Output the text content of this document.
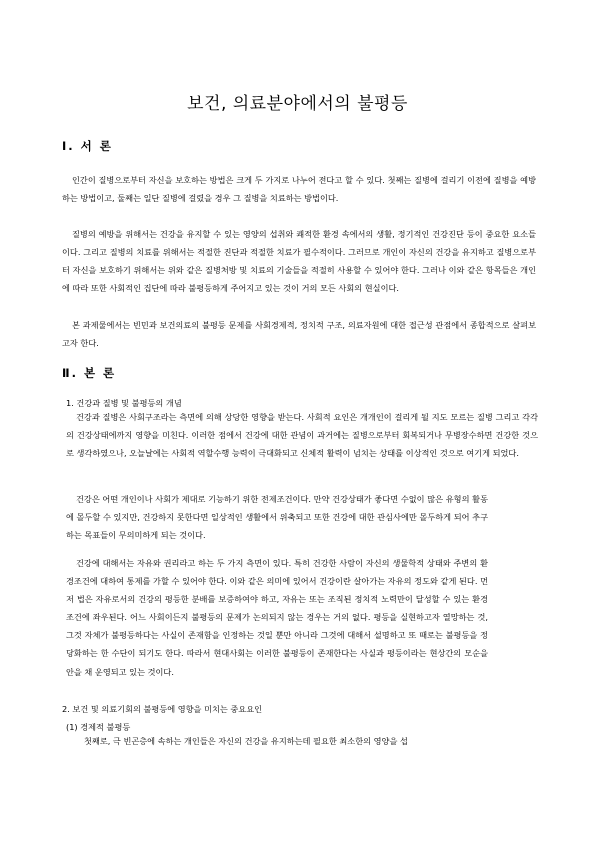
보건, 의료분야에서의 불평등
Ⅰ. 서 론

인간이 질병으로부터 자신을 보호하는 방법은 크게 두 가지로 나누어 전다고 할 수 있다. 첫째는 질병에 걸리기 이전에 질병을 예방하는 방법이고, 둘째는 일단 질병에 걸렸을 경우 그 질병을 치료하는 방법이다.

질병의 예방을 위해서는 건강을 유지할 수 있는 영양의 섭취와 쾌적한 환경 속에서의 생활, 정기적인 건강진단 등이 중요한 요소들이다. 그리고 질병의 치료를 위해서는 적절한 진단과 적절한 치료가 필수적이다. 그러므로 개인이 자신의 건강을 유지하고 질병으로부터 자신을 보호하기 위해서는 위와 같은 질병처방 및 치료의 기술들을 적절히 사용할 수 있어야 한다. 그러나 이와 같은 항목들은 개인에 따라 또한 사회적인 집단에 따라 불평등하게 주어지고 있는 것이 거의 모든 사회의 현실이다.

본 과제물에서는 빈민과 보건의료의 불평등 문제를 사회경제적, 정치적 구조, 의료자원에 대한 접근성 관점에서 종합적으로 살펴보고자 한다.

Ⅱ. 본 론
1. 건강과 질병 및 불평등의 개념

건강과 질병은 사회구조라는 측면에 의해 상당한 영향을 받는다. 사회적 요인은 개개인이 걸리게 될 지도 모르는 질병 그리고 각각의 건강상태에까지 영향을 미친다. 이러한 점에서 건강에 대한 관념이 과거에는 질병으로부터 회복되거나 무병장수하면 건강한 것으로 생각하였으나, 오늘날에는 사회적 역할수행 능력이 극대화되고 신체적 활력이 넘치는 상태를 이상적인 것으로 여기게 되었다.

건강은 어떤 개인이나 사회가 제대로 기능하기 위한 전제조건이다. 만약 건강상태가 좋다면 수없이 많은 유형의 활동에 몰두할 수 있지만, 건강하지 못한다면 일상적인 생활에서 위축되고 또한 건강에 대한 관심사에만 몰두하게 되어 추구하는 목표들이 무의미하게 되는 것이다.

건강에 대해서는 자유와 권리라고 하는 두 가지 측면이 있다. 특히 건강한 사람이 자신의 생물학적 상태와 주변의 환경조건에 대하여 통제를 가할 수 있어야 한다. 이와 같은 의미에 있어서 건강이란 살아가는 자유의 정도와 같게 된다. 먼저 법은 자유로서의 건강의 평등한 분배를 보증하여야 하고, 자유는 또는 조직된 정치적 노력만이 달성할 수 있는 환경조건에 좌우된다. 어느 사회이든지 불평등의 문제가 논의되지 않는 경우는 거의 없다. 평등을 실현하고자 열망하는 것, 그것 자체가 불평등하다는 사실이 존재함을 인정하는 것일 뿐만 아니라 그것에 대해서 설명하고 또 때로는 불평등을 정당화하는 한 수단이 되기도 한다. 따라서 현대사회는 이러한 불평등이 존재한다는 사실과 평등이라는 현상간의 모순을 안을 채 운영되고 있는 것이다.

2. 보건 및 의료기회의 불평등에 영향을 미치는 중요요인
(1) 경제적 불평등

첫째로, 극 빈곤층에 속하는 개인들은 자신의 건강을 유지하는데 필요한 최소한의 영양을 섭
